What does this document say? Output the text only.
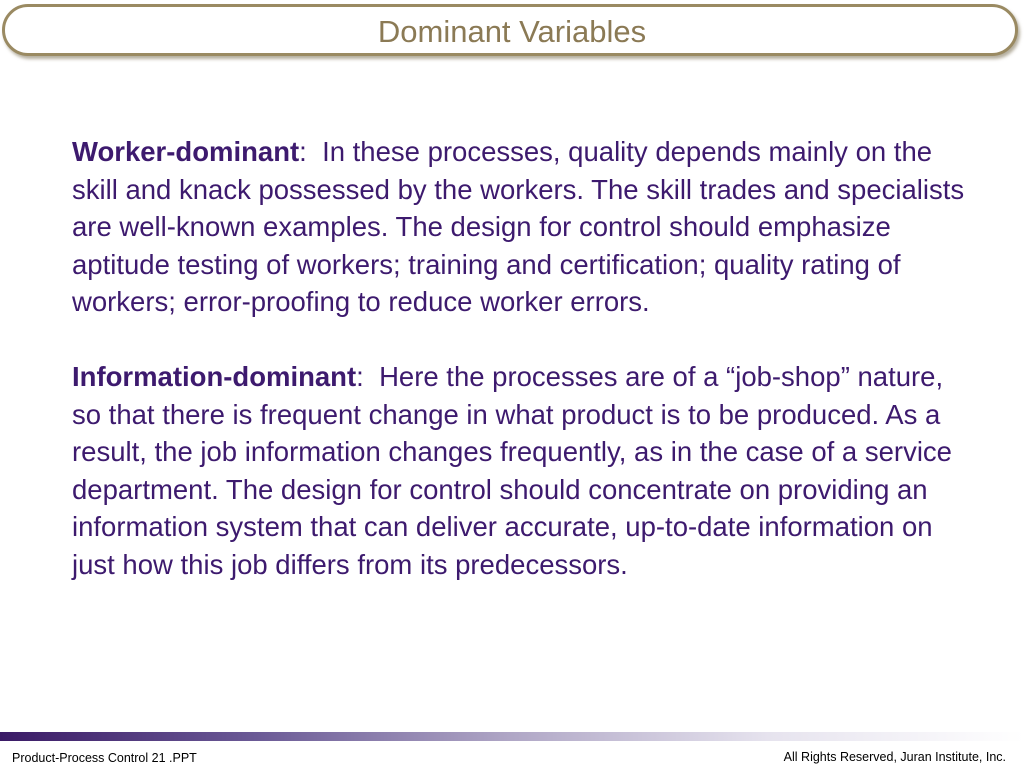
Dominant Variables

Worker-dominant:  In these processes, quality depends mainly on the skill and knack possessed by the workers. The skill trades and specialists are well-known examples. The design for control should emphasize aptitude testing of workers; training and certification; quality rating of workers; error-proofing to reduce worker errors.

Information-dominant:  Here the processes are of a “job-shop” nature, so that there is frequent change in what product is to be produced. As a result, the job information changes frequently, as in the case of a service department. The design for control should concentrate on providing an information system that can deliver accurate, up-to-date information on just how this job differs from its predecessors.

Product-Process Control 21 .PPT	All Rights Reserved, Juran Institute, Inc.
